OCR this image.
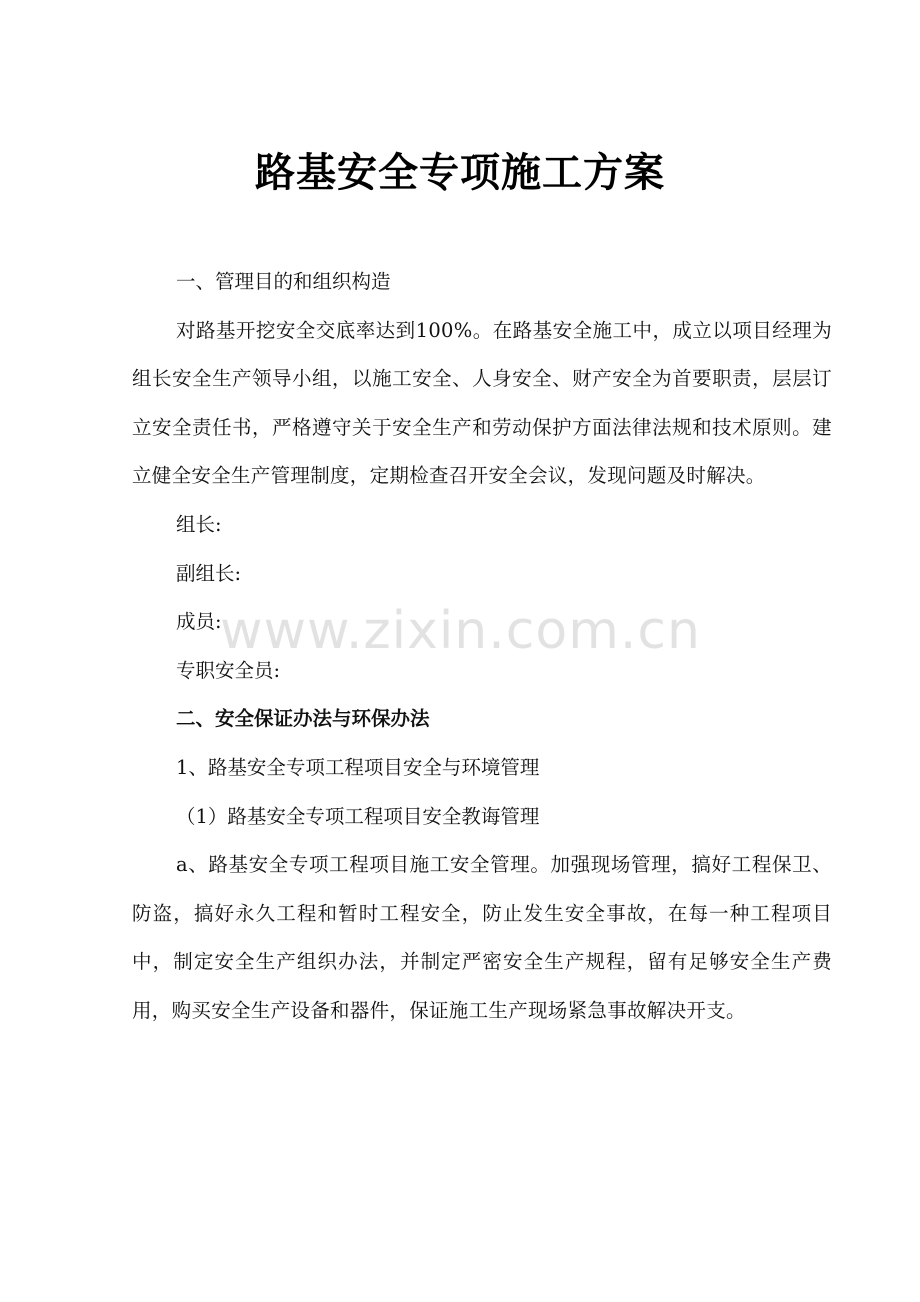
路基安全专项施工方案

一、管理目的和组织构造

对路基开挖安全交底率达到100%。在路基安全施工中，成立以项目经理为组长安全生产领导小组，以施工安全、人身安全、财产安全为首要职责，层层订立安全责任书，严格遵守关于安全生产和劳动保护方面法律法规和技术原则。建立健全安全生产管理制度，定期检查召开安全会议，发现问题及时解决。

组长:

副组长:

成员:

专职安全员:

二、安全保证办法与环保办法

1、路基安全专项工程项目安全与环境管理

（1）路基安全专项工程项目安全教诲管理

a、路基安全专项工程项目施工安全管理。加强现场管理，搞好工程保卫、防盗，搞好永久工程和暂时工程安全，防止发生安全事故，在每一种工程项目中，制定安全生产组织办法，并制定严密安全生产规程，留有足够安全生产费用，购买安全生产设备和器件，保证施工生产现场紧急事故解决开支。

www.zixin.com.cn
